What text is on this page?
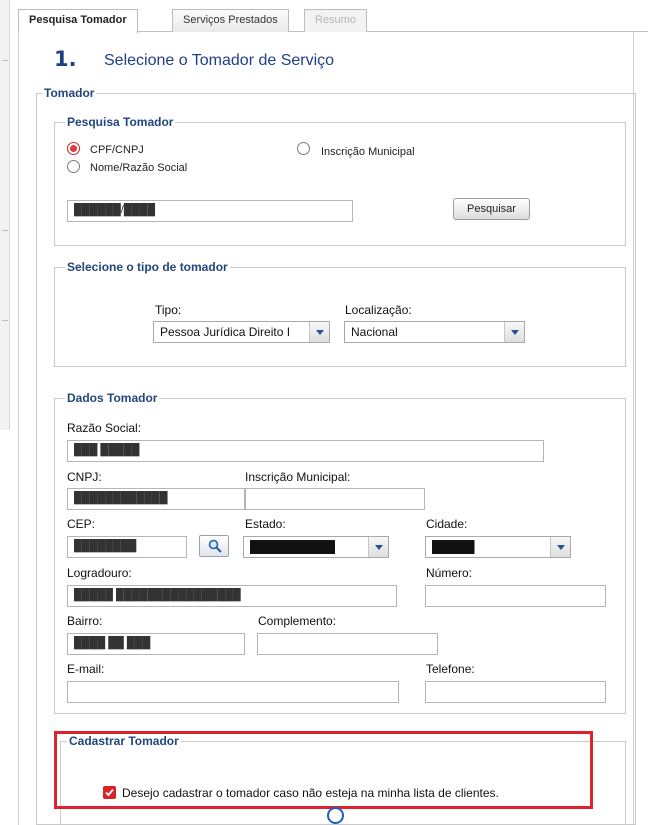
Pesquisa Tomador	Serviços Prestados	Resumo
1. Selecione o Tomador de Serviço
Tomador
Pesquisa Tomador
CPF/CNPJ	Inscrição Municipal
Nome/Razão Social
██████/████	Pesquisar
Selecione o tipo de tomador
Tipo:
Pessoa Jurídica Direito I
Localização:
Nacional
Dados Tomador
Razão Social:
███ █████
CNPJ:
████████████
Inscrição Municipal:
CEP:
████████
Estado:
██████████
Cidade:
█████
Logradouro:
█████ ████████████████
Número:
Bairro:
████ ██ ███
Complemento:
E-mail:	Telefone:
Cadastrar Tomador
Desejo cadastrar o tomador caso não esteja na minha lista de clientes.
